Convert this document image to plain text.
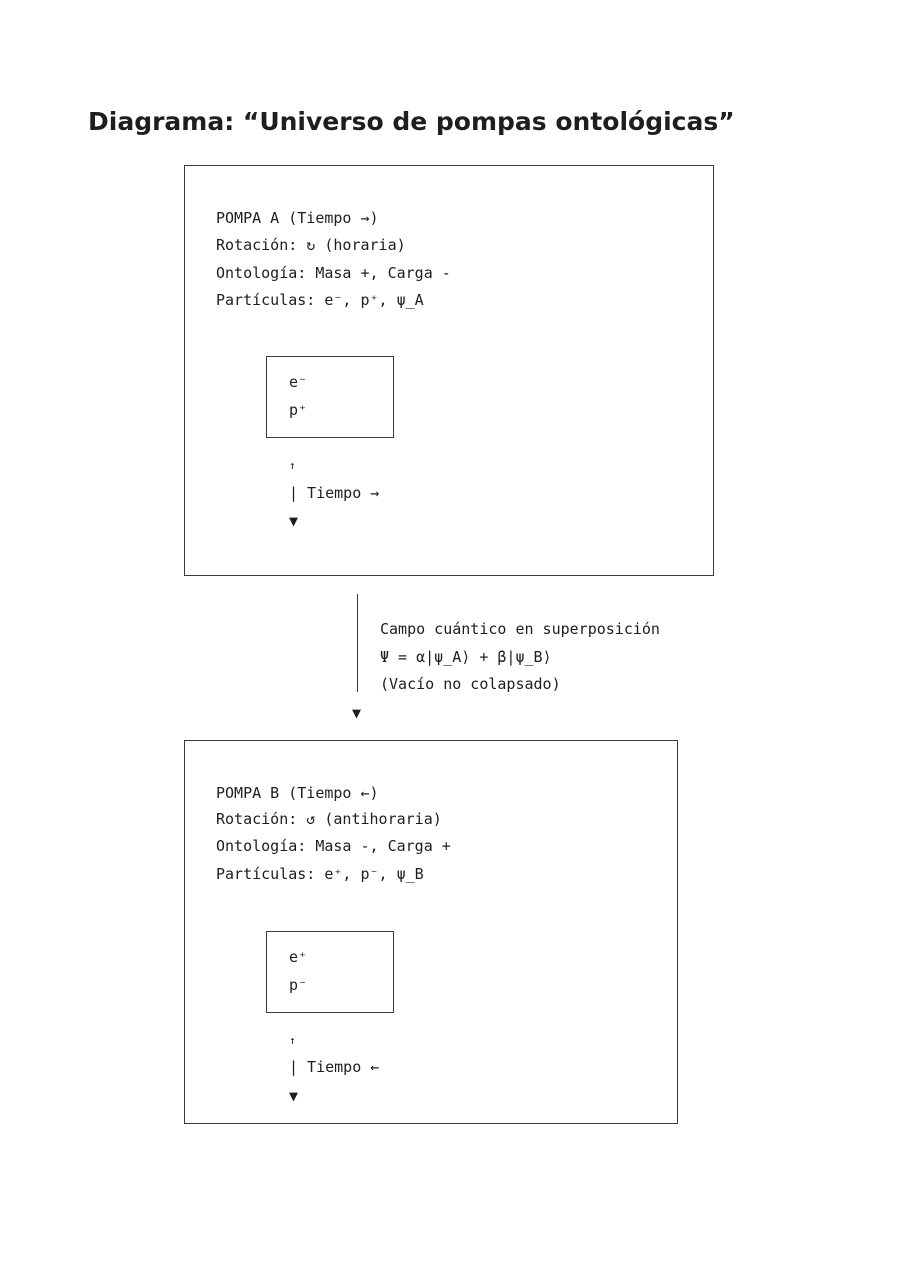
Diagrama: “Universo de pompas ontológicas”
POMPA A (Tiempo →)
Rotación: ↻ (horaria)
Ontología: Masa +, Carga -
Partículas: e⁻, p⁺, ψ_A
e⁻
p⁺
↑
| Tiempo →
▼
Campo cuántico en superposición
Ψ = α|ψ_A⟩ + β|ψ_B⟩
(Vacío no colapsado)
▼
POMPA B (Tiempo ←)
Rotación: ↺ (antihoraria)
Ontología: Masa -, Carga +
Partículas: e⁺, p⁻, ψ_B
e⁺
p⁻
↑
| Tiempo ←
▼
